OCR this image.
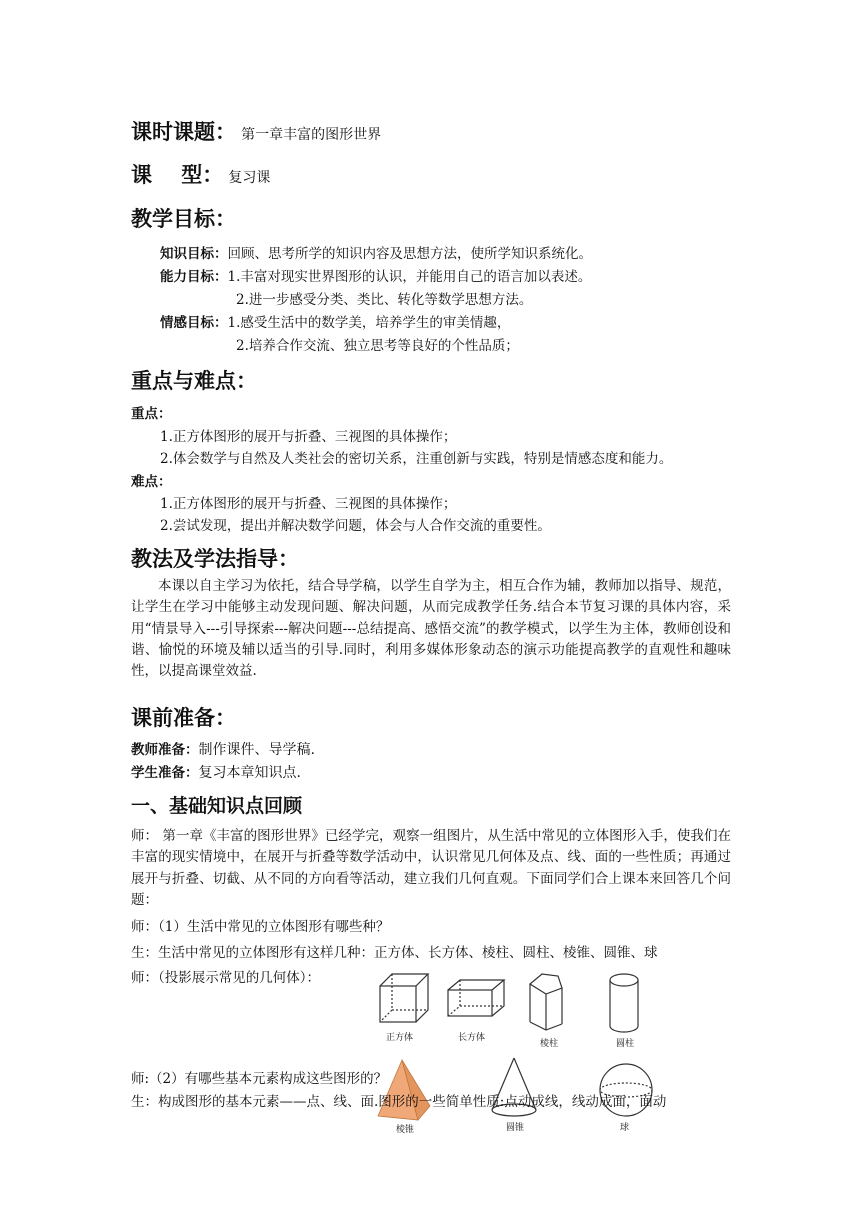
课时课题： 第一章丰富的图形世界
课    型： 复习课
教学目标：
知识目标：回顾、思考所学的知识内容及思想方法，使所学知识系统化。
能力目标：1.丰富对现实世界图形的认识，并能用自己的语言加以表述。
2.进一步感受分类、类比、转化等数学思想方法。
情感目标：1.感受生活中的数学美，培养学生的审美情趣，
2.培养合作交流、独立思考等良好的个性品质；
重点与难点：
重点：
1.正方体图形的展开与折叠、三视图的具体操作；
2.体会数学与自然及人类社会的密切关系，注重创新与实践，特别是情感态度和能力。
难点：
1.正方体图形的展开与折叠、三视图的具体操作；
2.尝试发现，提出并解决数学问题，体会与人合作交流的重要性。
教法及学法指导：
本课以自主学习为依托，结合导学稿，以学生自学为主，相互合作为辅，教师加以指导、规范，让学生在学习中能够主动发现问题、解决问题，从而完成教学任务.结合本节复习课的具体内容，采用“情景导入---引导探索---解决问题---总结提高、感悟交流”的教学模式，以学生为主体，教师创设和谐、愉悦的环境及辅以适当的引导.同时，利用多媒体形象动态的演示功能提高教学的直观性和趣味性，以提高课堂效益.
课前准备：
教师准备：制作课件、导学稿.
学生准备：复习本章知识点.
一、基础知识点回顾
师： 第一章《丰富的图形世界》已经学完，观察一组图片，从生活中常见的立体图形入手，使我们在丰富的现实情境中，在展开与折叠等数学活动中，认识常见几何体及点、线、面的一些性质；再通过展开与折叠、切截、从不同的方向看等活动，建立我们几何直观。下面同学们合上课本来回答几个问题：
师：（1）生活中常见的立体图形有哪些种？
生：生活中常见的立体图形有这样几种：正方体、长方体、棱柱、圆柱、棱锥、圆锥、球
师：（投影展示常见的几何体）：
正方体	长方体
棱柱	圆柱
棱锥	圆锥	球
师:（2）有哪些基本元素构成这些图形的？
生：构成图形的基本元素——点、线、面.图形的一些简单性质:点动成线，线动成面，面动
